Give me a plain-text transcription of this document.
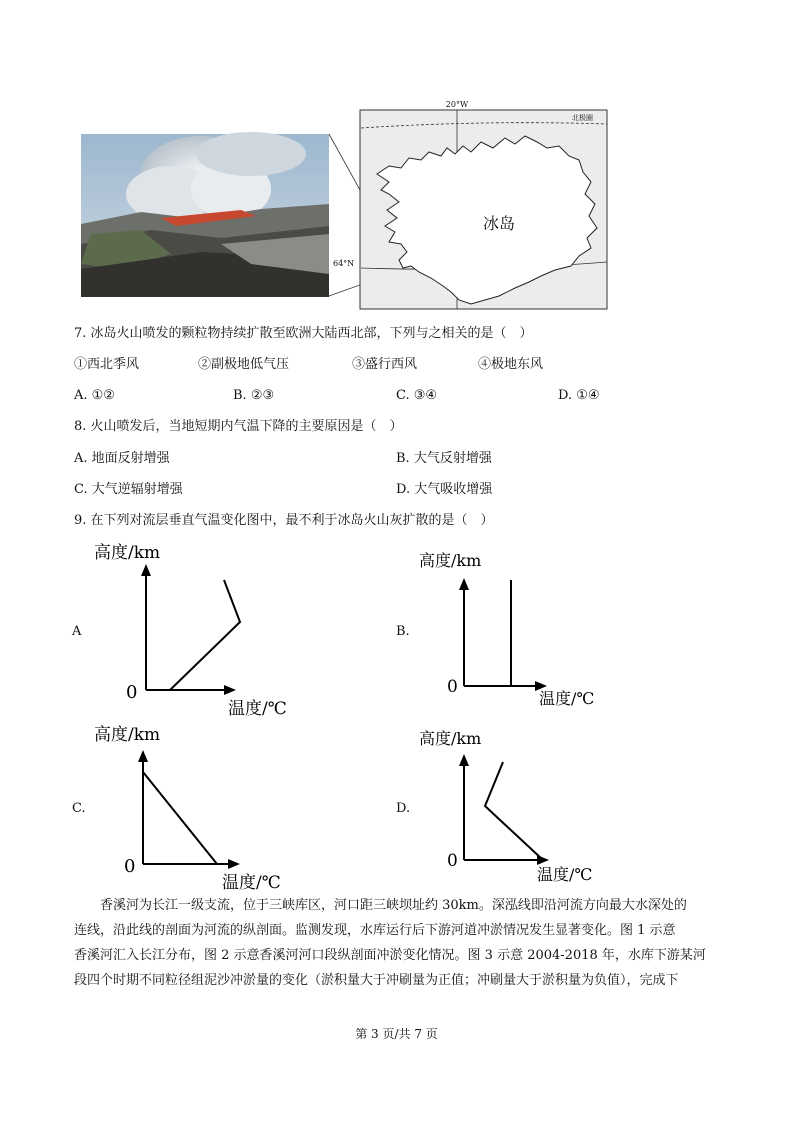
20°W
北极圈
冰岛
64°N
7. 冰岛火山喷发的颗粒物持续扩散至欧洲大陆西北部，下列与之相关的是（　）
①西北季风	②副极地低气压	③盛行西风	④极地东风
A. ①②	B. ②③	C. ③④	D. ①④
8. 火山喷发后，当地短期内气温下降的主要原因是（　）
A. 地面反射增强	B. 大气反射增强
C. 大气逆辐射增强	D. 大气吸收增强
9. 在下列对流层垂直气温变化图中，最不利于冰岛火山灰扩散的是（　）
A
高度/km
0
温度/℃
B.
高度/km
0
温度/℃
C.
高度/km
0
温度/℃
D.
高度/km
0
温度/℃
香溪河为长江一级支流，位于三峡库区，河口距三峡坝址约 30km。深泓线即沿河流方向最大水深处的
连线，沿此线的剖面为河流的纵剖面。监测发现，水库运行后下游河道冲淤情况发生显著变化。图 1 示意
香溪河汇入长江分布，图 2 示意香溪河河口段纵剖面冲淤变化情况。图 3 示意 2004-2018 年，水库下游某河
段四个时期不同粒径组泥沙冲淤量的变化（淤积量大于冲刷量为正值；冲刷量大于淤积量为负值），完成下
第 3 页/共 7 页
